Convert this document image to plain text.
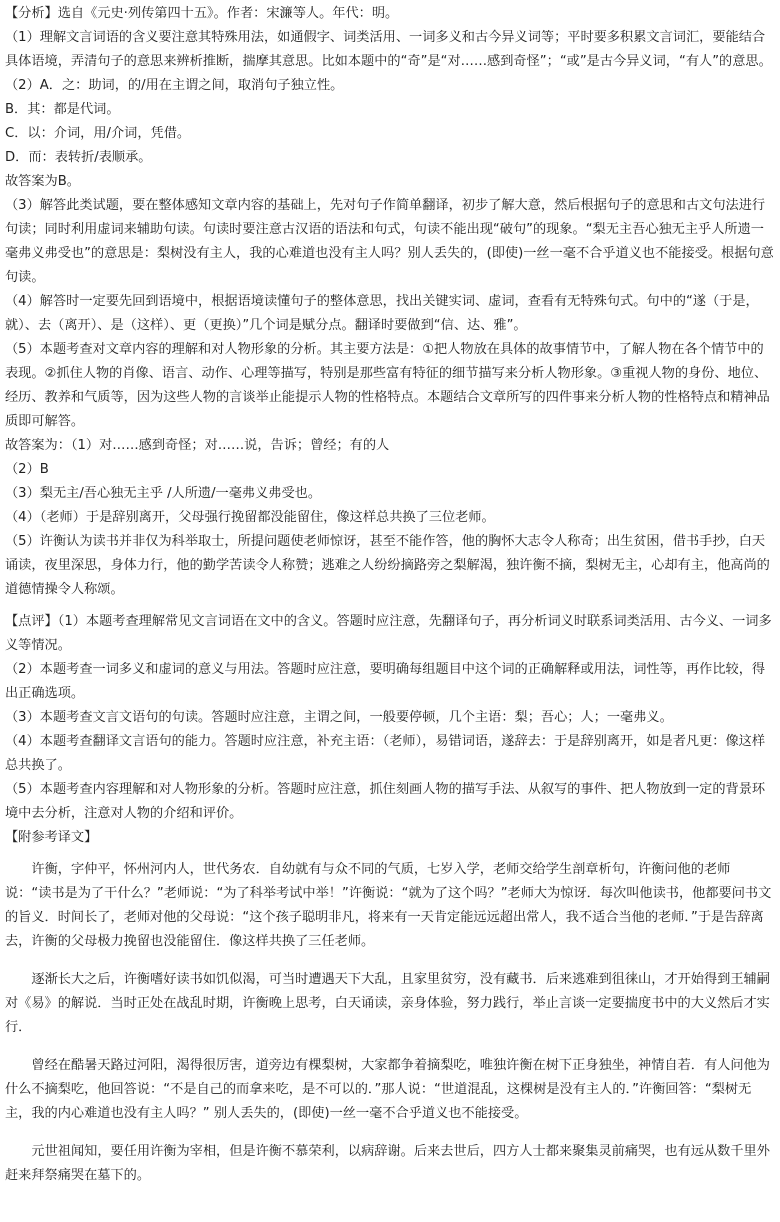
【分析】选自《元史·列传第四十五》。作者：宋濂等人。年代：明。

（1）理解文言词语的含义要注意其特殊用法，如通假字、词类活用、一词多义和古今异义词等；平时要多积累文言词汇，要能结合具体语境，弄清句子的意思来辨析推断，揣摩其意思。比如本题中的“奇”是“对……感到奇怪”；“或”是古今异义词，“有人”的意思。

（2）A．之：助词，的/用在主谓之间，取消句子独立性。

B．其：都是代词。

C．以：介词，用/介词，凭借。

D．而：表转折/表顺承。

故答案为B。

（3）解答此类试题，要在整体感知文章内容的基础上，先对句子作简单翻译，初步了解大意，然后根据句子的意思和古文句法进行句读；同时利用虚词来辅助句读。句读时要注意古汉语的语法和句式，句读不能出现“破句”的现象。“梨无主吾心独无主乎人所遗一毫弗义弗受也”的意思是：梨树没有主人，我的心难道也没有主人吗？别人丢失的，(即使)一丝一毫不合乎道义也不能接受。根据句意句读。

（4）解答时一定要先回到语境中，根据语境读懂句子的整体意思，找出关键实词、虚词，查看有无特殊句式。句中的“遂（于是，就）、去（离开）、是（这样）、更（更换）”几个词是赋分点。翻译时要做到“信、达、雅”。

（5）本题考查对文章内容的理解和对人物形象的分析。其主要方法是：①把人物放在具体的故事情节中，了解人物在各个情节中的表现。②抓住人物的肖像、语言、动作、心理等描写，特别是那些富有特征的细节描写来分析人物形象。③重视人物的身份、地位、经历、教养和气质等，因为这些人物的言谈举止能提示人物的性格特点。本题结合文章所写的四件事来分析人物的性格特点和精神品质即可解答。

故答案为：（1）对……感到奇怪；对……说，告诉；曾经；有的人

（2）B

（3）梨无主/吾心独无主乎 /人所遗/一毫弗义弗受也。

（4）（老师）于是辞别离开，父母强行挽留都没能留住，像这样总共换了三位老师。

（5）许衡认为读书并非仅为科举取士，所提问题使老师惊讶，甚至不能作答，他的胸怀大志令人称奇；出生贫困，借书手抄，白天诵读，夜里深思，身体力行，他的勤学苦读令人称赞；逃难之人纷纷摘路旁之梨解渴，独许衡不摘，梨树无主，心却有主，他高尚的道德情操令人称颂。

【点评】（1）本题考查理解常见文言词语在文中的含义。答题时应注意，先翻译句子，再分析词义时联系词类活用、古今义、一词多义等情况。

（2）本题考查一词多义和虚词的意义与用法。答题时应注意，要明确每组题目中这个词的正确解释或用法，词性等，再作比较，得出正确选项。

（3）本题考查文言文语句的句读。答题时应注意，主谓之间，一般要停顿，几个主语：梨；吾心；人；一毫弗义。

（4）本题考查翻译文言语句的能力。答题时应注意，补充主语：（老师），易错词语，遂辞去：于是辞别离开，如是者凡更：像这样总共换了。

（5）本题考查内容理解和对人物形象的分析。答题时应注意，抓住刻画人物的描写手法、从叙写的事件、把人物放到一定的背景环境中去分析，注意对人物的介绍和评价。

【附参考译文】

许衡，字仲平，怀州河内人，世代务农．自幼就有与众不同的气质，七岁入学，老师交给学生剖章析句，许衡问他的老师说：“读书是为了干什么？”老师说：“为了科举考试中举！”许衡说：“就为了这个吗？”老师大为惊讶．每次叫他读书，他都要问书文的旨义．时间长了，老师对他的父母说：“这个孩子聪明非凡，将来有一天肯定能远远超出常人，我不适合当他的老师．”于是告辞离去，许衡的父母极力挽留也没能留住．像这样共换了三任老师。

逐渐长大之后，许衡嗜好读书如饥似渴，可当时遭遇天下大乱，且家里贫穷，没有藏书．后来逃难到徂徕山，才开始得到王辅嗣对《易》的解说．当时正处在战乱时期，许衡晚上思考，白天诵读，亲身体验，努力践行，举止言谈一定要揣度书中的大义然后才实行．

曾经在酷暑天路过河阳，渴得很厉害，道旁边有棵梨树，大家都争着摘梨吃，唯独许衡在树下正身独坐，神情自若．有人问他为什么不摘梨吃，他回答说：“不是自己的而拿来吃，是不可以的．”那人说：“世道混乱，这棵树是没有主人的．”许衡回答：“梨树无主，我的内心难道也没有主人吗？” 别人丢失的，(即使)一丝一毫不合乎道义也不能接受。

元世祖闻知，要任用许衡为宰相，但是许衡不慕荣利，以病辞谢。后来去世后，四方人士都来聚集灵前痛哭，也有远从数千里外赶来拜祭痛哭在墓下的。
